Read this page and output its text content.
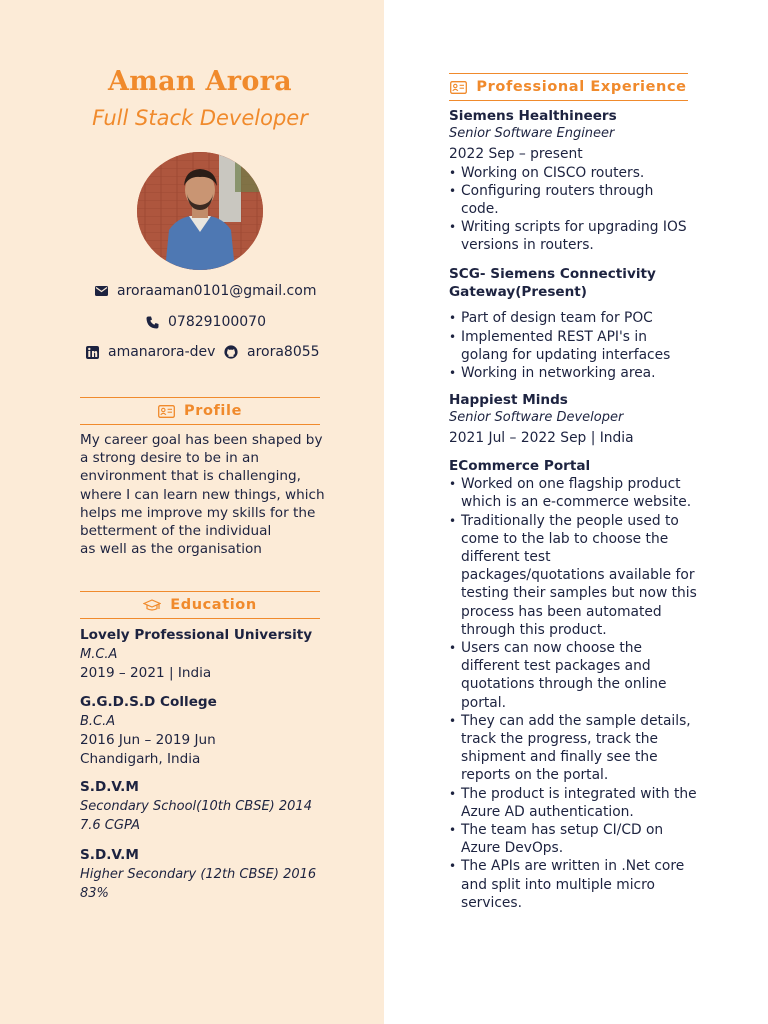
Aman Arora
Full Stack Developer
aroraaman0101@gmail.com
07829100070
amanarora-dev arora8055
Profile
My career goal has been shaped by
a strong desire to be in an
environment that is challenging,
where I can learn new things, which
helps me improve my skills for the
betterment of the individual
as well as the organisation
Education
Lovely Professional University
M.C.A
2019 – 2021 | India
G.G.D.S.D College
B.C.A
2016 Jun – 2019 Jun
Chandigarh, India
S.D.V.M
Secondary School(10th CBSE) 2014
7.6 CGPA
S.D.V.M
Higher Secondary (12th CBSE) 2016
83%
Professional Experience
Siemens Healthineers
Senior Software Engineer
2022 Sep – present
• Working on CISCO routers.
• Configuring routers through
code.
• Writing scripts for upgrading IOS
versions in routers.
SCG- Siemens Connectivity
Gateway(Present)
• Part of design team for POC
• Implemented REST API's in
golang for updating interfaces
• Working in networking area.
Happiest Minds
Senior Software Developer
2021 Jul – 2022 Sep | India
ECommerce Portal
• Worked on one flagship product
which is an e-commerce website.
• Traditionally the people used to
come to the lab to choose the
different test
packages/quotations available for
testing their samples but now this
process has been automated
through this product.
• Users can now choose the
different test packages and
quotations through the online
portal.
• They can add the sample details,
track the progress, track the
shipment and finally see the
reports on the portal.
• The product is integrated with the
Azure AD authentication.
• The team has setup CI/CD on
Azure DevOps.
• The APIs are written in .Net core
and split into multiple micro
services.
